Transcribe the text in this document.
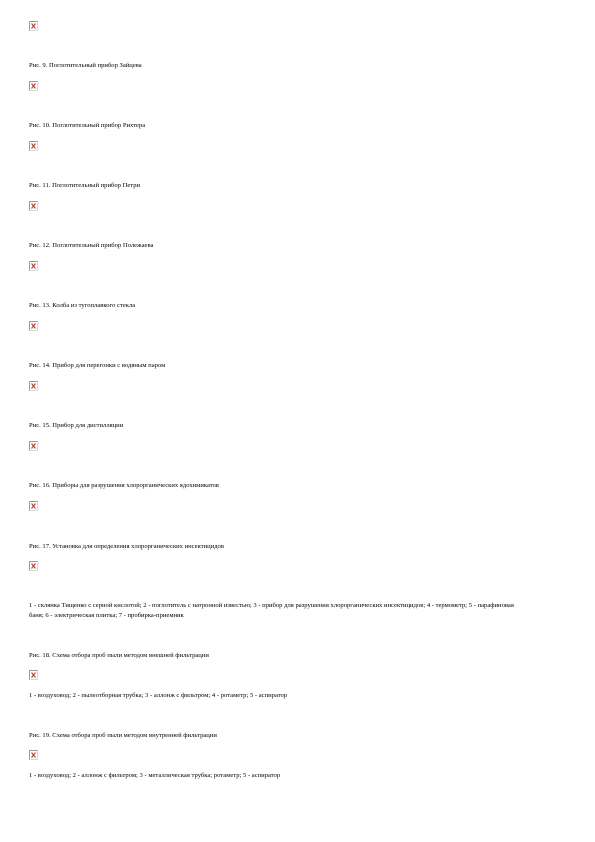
Рис. 9. Поглотительный прибор Зайцева
Рис. 10. Поглотительный прибор Рихтера
Рис. 11. Поглотительный прибор Петри
Рис. 12. Поглотительный прибор Полежаева
Рис. 13. Колба из тугоплавкого стекла
Рис. 14. Прибор для перегонки с водяным паром
Рис. 15. Прибор для дистилляции
Рис. 16. Приборы для разрушения хлорорганических ядохимикатов
Рис. 17. Установка для определения хлорорганических инсектицидов
1 - склянка Тищенко с серной кислотой; 2 - поглотитель с натронной известью; 3 - прибор для разрушения хлорорганических инсектицидов; 4 - термометр; 5 - парафиновая баня; 6 - электрическая плитка; 7 - пробирка-приемник
Рис. 18. Схема отбора проб пыли методом внешней фильтрации
1 - воздуховод; 2 - пылеотборная трубка; 3 - аллонж с фильтром; 4 - ротаметр; 5 - аспиратор
Рис. 19. Схема отбора проб пыли методом внутренней фильтрации
1 - воздуховод; 2 - аллонж с фильтром; 3 - металлическая трубка; ротаметр; 5 - аспиратор
